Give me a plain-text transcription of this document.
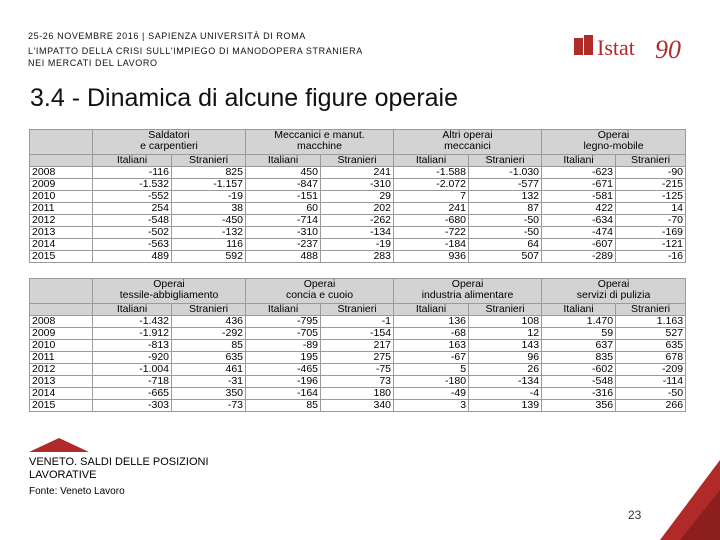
25-26 NOVEMBRE 2016 | SAPIENZA UNIVERSITÀ DI ROMA
L'IMPATTO DELLA CRISI SULL'IMPIEGO DI MANODOPERA STRANIERA
NEI MERCATI DEL LAVORO
Istat 90
3.4 - Dinamica di alcune figure operaie

	Saldatori
e carpentieri		Meccanici e manut.
macchine		Altri operai
meccanici		Operai
legno-mobile	

	Italiani	Stranieri	Italiani	Stranieri	Italiani	Stranieri	Italiani	Stranieri
2008	-116	825	450	241	-1.588	-1.030	-623	-90
2009	-1.532	-1.157	-847	-310	-2.072	-577	-671	-215
2010	-552	-19	-151	29	7	132	-581	-125
2011	254	38	60	202	241	87	422	14
2012	-548	-450	-714	-262	-680	-50	-634	-70
2013	-502	-132	-310	-134	-722	-50	-474	-169
2014	-563	116	-237	-19	-184	64	-607	-121
2015	489	592	488	283	936	507	-289	-16

	Operai
tessile-abbigliamento		Operai
concia e cuoio		Operai
industria alimentare		Operai
servizi di pulizia	

	Italiani	Stranieri	Italiani	Stranieri	Italiani	Stranieri	Italiani	Stranieri
2008	-1.432	436	-795	-1	136	108	1.470	1.163
2009	-1.912	-292	-705	-154	-68	12	59	527
2010	-813	85	-89	217	163	143	637	635
2011	-920	635	195	275	-67	96	835	678
2012	-1.004	461	-465	-75	5	26	-602	-209
2013	-718	-31	-196	73	-180	-134	-548	-114
2014	-665	350	-164	180	-49	-4	-316	-50
2015	-303	-73	85	340	3	139	356	266
VENETO. SALDI DELLE POSIZIONI
LAVORATIVE
Fonte: Veneto Lavoro
23
